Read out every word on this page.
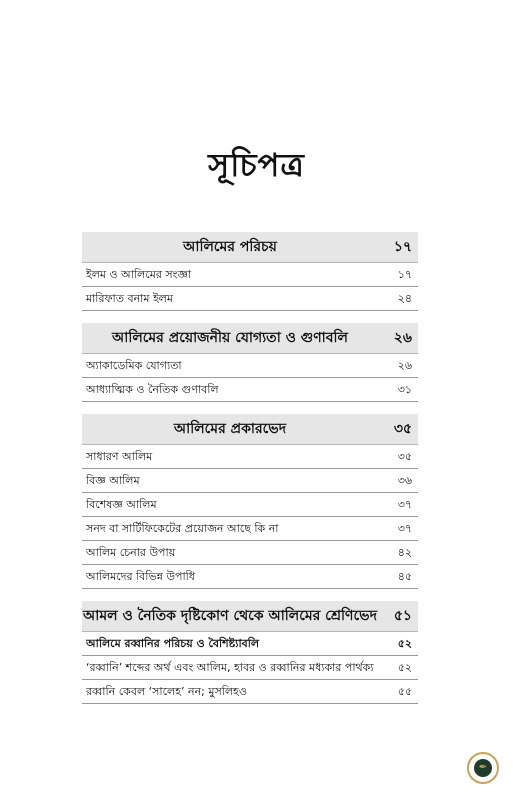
সূচিপত্র
আলিমের পরিচয়	১৭
ইলম ও আলিমের সংজ্ঞা	১৭
মারিফাত বনাম ইলম	২৪
আলিমের প্রয়োজনীয় যোগ্যতা ও গুণাবলি	২৬
অ্যাকাডেমিক যোগ্যতা	২৬
আধ্যাত্মিক ও নৈতিক গুণাবলি	৩১
আলিমের প্রকারভেদ	৩৫
সাধারণ আলিম	৩৫
বিজ্ঞ আলিম	৩৬
বিশেষজ্ঞ আলিম	৩৭
সনদ বা সার্টিফিকেটের প্রয়োজন আছে কি না	৩৭
আলিম চেনার উপায়	৪২
আলিমদের বিভিন্ন উপাধি	৪৫
আমল ও নৈতিক দৃষ্টিকোণ থেকে আলিমের শ্রেণিভেদ ৫১
আলিমে রব্বানির পরিচয় ও বৈশিষ্ট্যাবলি	৫২
‘রব্বানি’ শব্দের অর্থ এবং আলিম, হাবর ও রব্বানির মধ্যকার পার্থক্য	৫২
রব্বানি কেবল ‘সালেহ’ নন; মুসলিহও	৫৫
✒
